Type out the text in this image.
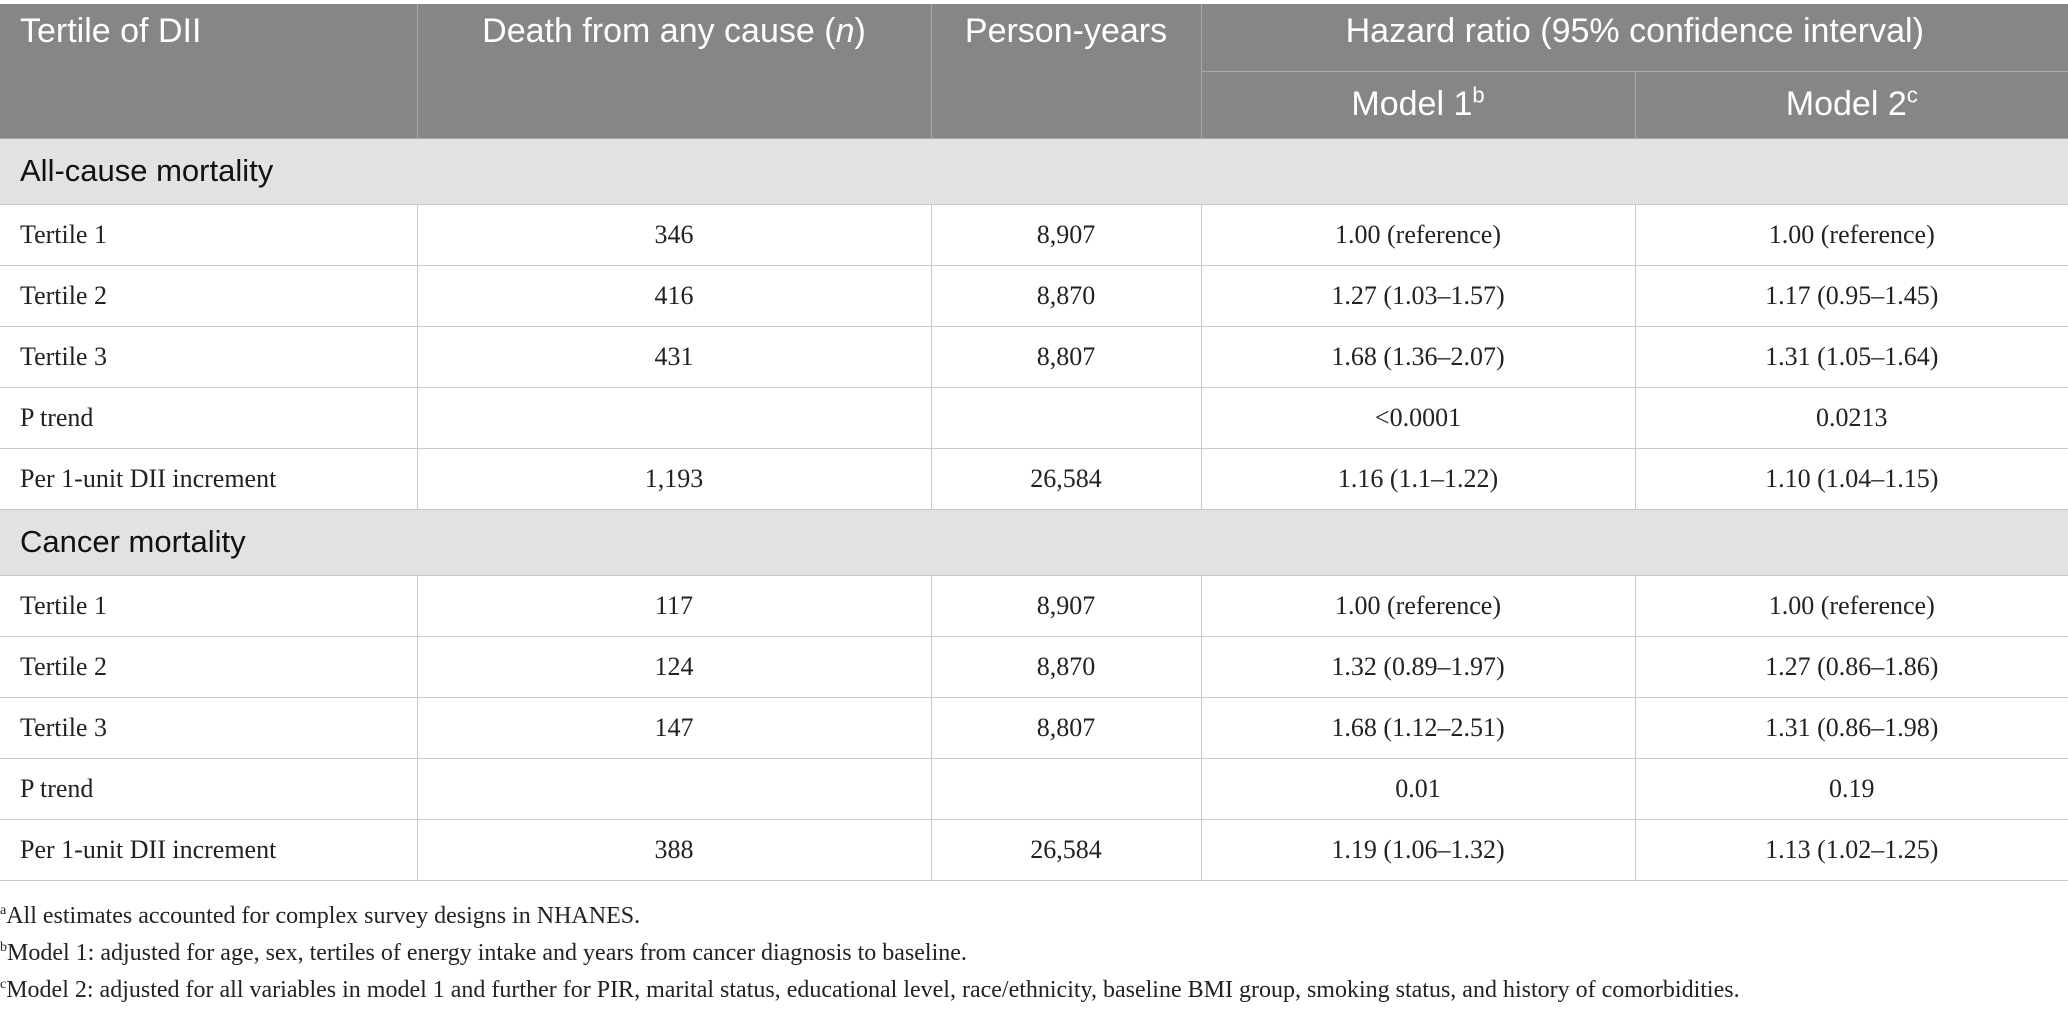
Tertile of DII	Death from any cause (n)	Person-years	Hazard ratio (95% confidence interval)	
			Model 1$^b$	Model 2$^c$
All-cause mortality				
Tertile 1	346	8,907	1.00 (reference)	1.00 (reference)
Tertile 2	416	8,870	1.27 (1.03–1.57)	1.17 (0.95–1.45)
Tertile 3	431	8,807	1.68 (1.36–2.07)	1.31 (1.05–1.64)
P trend			<0.0001	0.0213
Per 1-unit DII increment	1,193	26,584	1.16 (1.1–1.22)	1.10 (1.04–1.15)
Cancer mortality				
Tertile 1	117	8,907	1.00 (reference)	1.00 (reference)
Tertile 2	124	8,870	1.32 (0.89–1.97)	1.27 (0.86–1.86)
Tertile 3	147	8,807	1.68 (1.12–2.51)	1.31 (0.86–1.98)
P trend			0.01	0.19
Per 1-unit DII increment	388	26,584	1.19 (1.06–1.32)	1.13 (1.02–1.25)
$^a$All estimates accounted for complex survey designs in NHANES.
$^b$Model 1: adjusted for age, sex, tertiles of energy intake and years from cancer diagnosis to baseline.
$^c$Model 2: adjusted for all variables in model 1 and further for PIR, marital status, educational level, race/ethnicity, baseline BMI group, smoking status, and history of comorbidities.
